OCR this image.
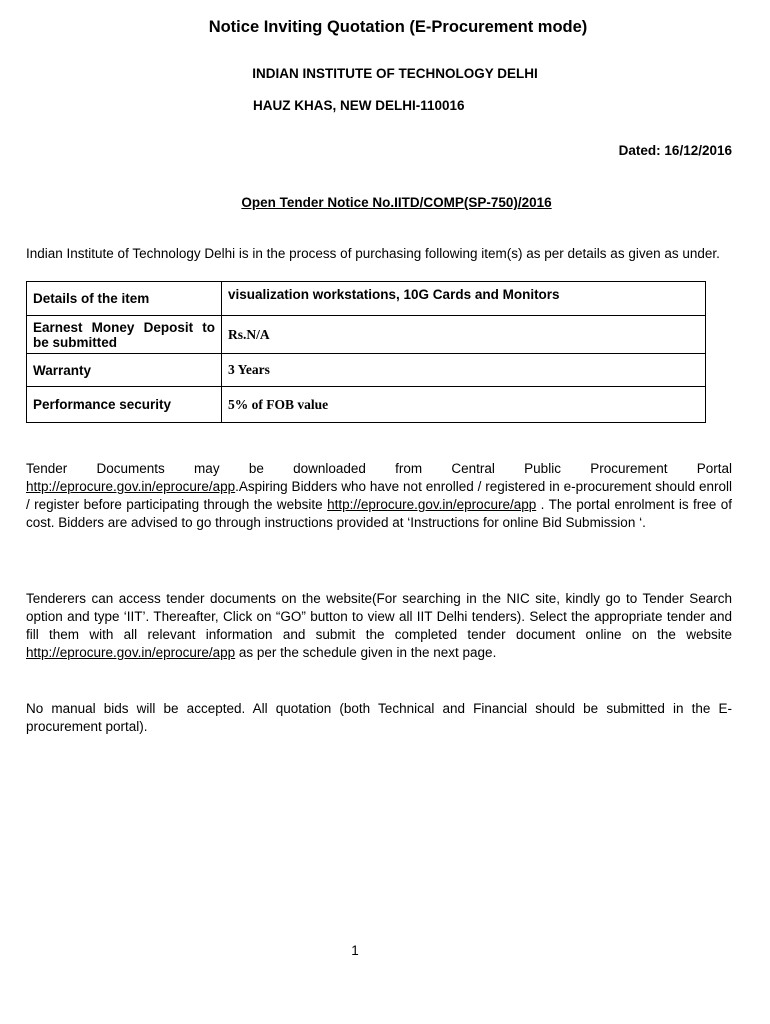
Notice Inviting Quotation (E-Procurement mode)
INDIAN INSTITUTE OF TECHNOLOGY DELHI
HAUZ KHAS, NEW DELHI-110016
Dated: 16/12/2016
Open Tender Notice No.IITD/COMP(SP-750)/2016
Indian Institute of Technology Delhi is in the process of purchasing following item(s) as per details as given as under.
Details of the item	visualization workstations, 10G Cards and Monitors
Earnest Money Deposit to be submitted	Rs.N/A
Warranty	3 Years
Performance security	5% of FOB value
Tender Documents may be downloaded from Central Public Procurement Portal http://eprocure.gov.in/eprocure/app.Aspiring Bidders who have not enrolled / registered in e-procurement should enroll / register before participating through the website http://eprocure.gov.in/eprocure/app . The portal enrolment is free of cost. Bidders are advised to go through instructions provided at ‘Instructions for online Bid Submission ‘.
Tenderers can access tender documents on the website(For searching in the NIC site, kindly go to Tender Search option and type ‘IIT’. Thereafter, Click on “GO” button to view all IIT Delhi tenders). Select the appropriate tender and fill them with all relevant information and submit the completed tender document online on the website http://eprocure.gov.in/eprocure/app as per the schedule given in the next page.
No manual bids will be accepted. All quotation (both Technical and Financial should be submitted in the E-procurement portal).
1
